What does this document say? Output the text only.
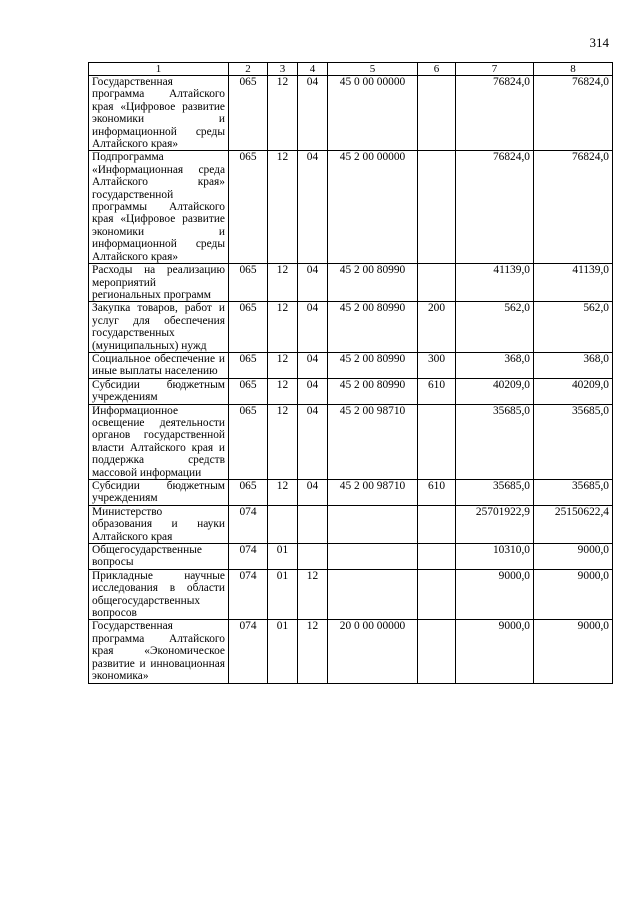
314
1	2	3	4	5	6	7	8
Государственная программа Алтайского края «Цифровое развитие экономики и информационной среды Алтайского края»	065	12	04	45 0 00 00000		76824,0	76824,0
Подпрограмма «Информационная среда Алтайского края» государственной программы Алтайского края «Цифровое развитие экономики и информационной среды Алтайского края»	065	12	04	45 2 00 00000		76824,0	76824,0
Расходы на реализацию мероприятий региональных программ	065	12	04	45 2 00 80990		41139,0	41139,0
Закупка товаров, работ и услуг для обеспечения государственных (муниципальных) нужд	065	12	04	45 2 00 80990	200	562,0	562,0
Социальное обеспечение и иные выплаты населению	065	12	04	45 2 00 80990	300	368,0	368,0
Субсидии бюджетным учреждениям	065	12	04	45 2 00 80990	610	40209,0	40209,0
Информационное освещение деятельности органов государственной власти Алтайского края и поддержка средств массовой информации	065	12	04	45 2 00 98710		35685,0	35685,0
Субсидии бюджетным учреждениям	065	12	04	45 2 00 98710	610	35685,0	35685,0
Министерство образования и науки Алтайского края	074					25701922,9	25150622,4
Общегосударственные вопросы	074	01				10310,0	9000,0
Прикладные научные исследования в области общегосударственных вопросов	074	01	12			9000,0	9000,0
Государственная программа Алтайского края «Экономическое развитие и инновационная экономика»	074	01	12	20 0 00 00000		9000,0	9000,0
